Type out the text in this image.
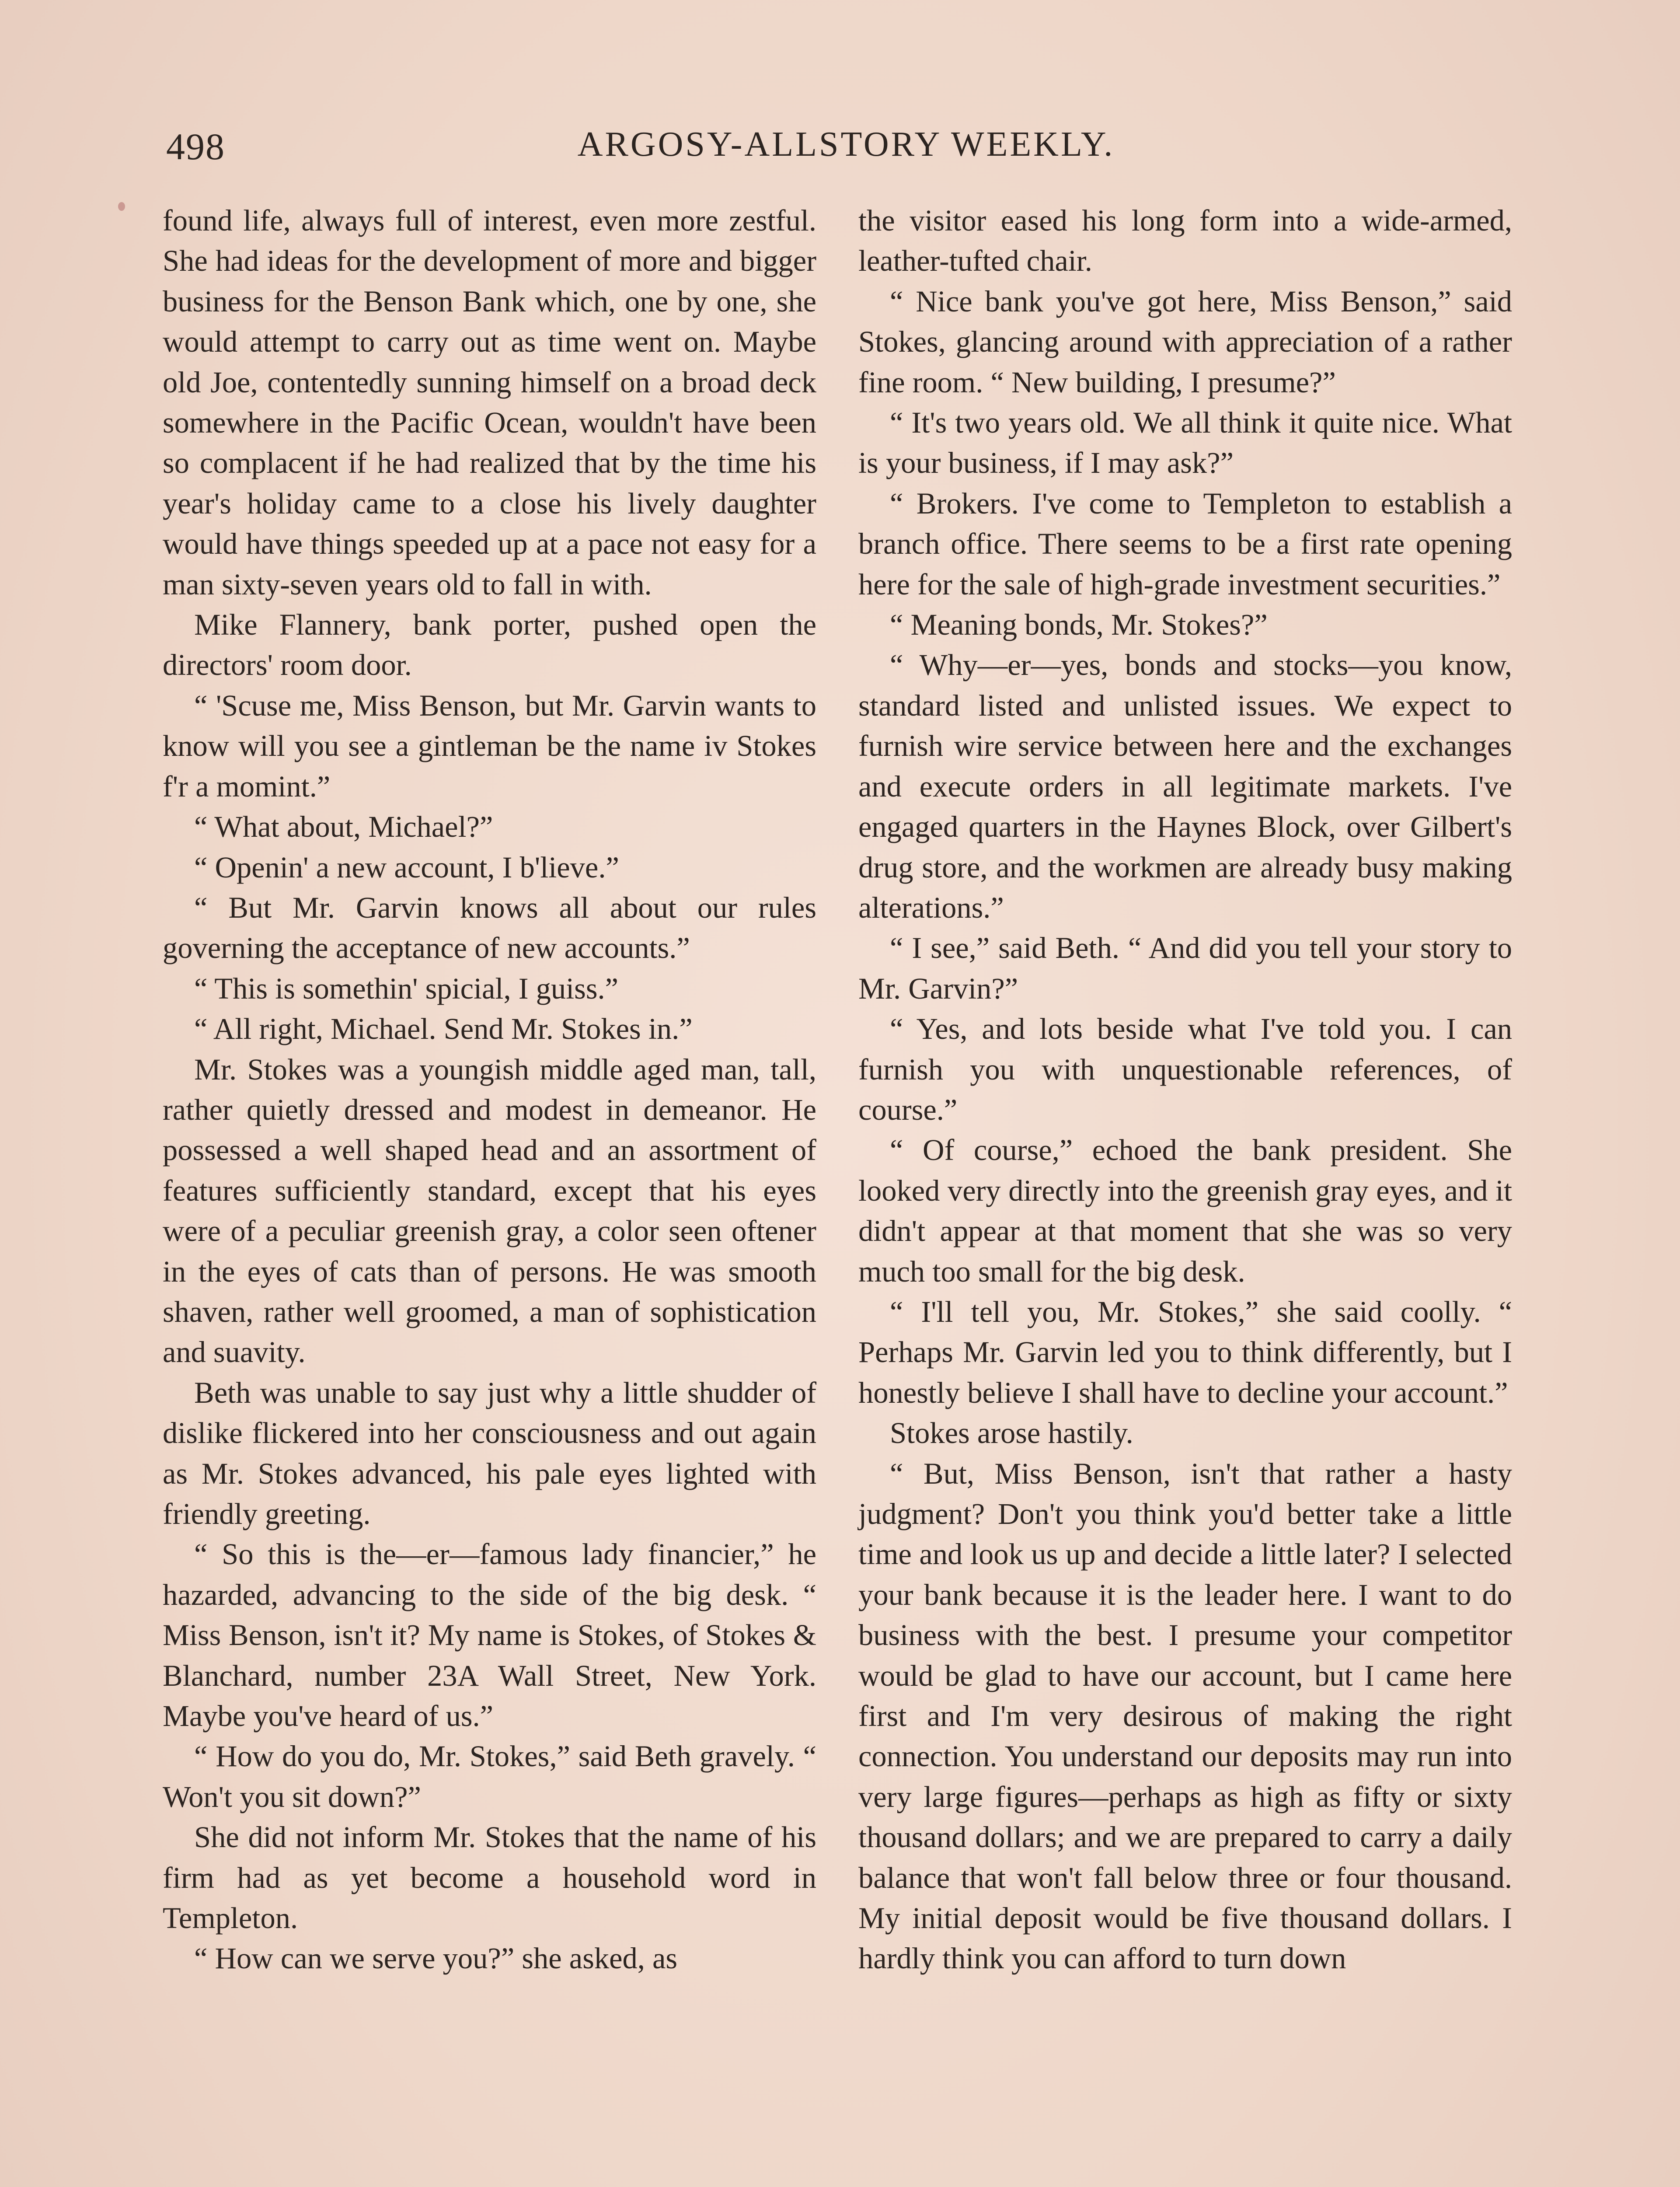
498	ARGOSY-ALLSTORY WEEKLY.

found life, always full of interest, even more zestful. She had ideas for the development of more and bigger business for the Benson Bank which, one by one, she would attempt to carry out as time went on. Maybe old Joe, contentedly sunning himself on a broad deck somewhere in the Pacific Ocean, wouldn't have been so complacent if he had realized that by the time his year's holiday came to a close his lively daughter would have things speeded up at a pace not easy for a man sixty-seven years old to fall in with.

Mike Flannery, bank porter, pushed open the directors' room door.

“ 'Scuse me, Miss Benson, but Mr. Garvin wants to know will you see a gintleman be the name iv Stokes f'r a momint.”

“ What about, Michael?”

“ Openin' a new account, I b'lieve.”

“ But Mr. Garvin knows all about our rules governing the acceptance of new accounts.”

“ This is somethin' spicial, I guiss.”

“ All right, Michael. Send Mr. Stokes in.”

Mr. Stokes was a youngish middle aged man, tall, rather quietly dressed and modest in demeanor. He possessed a well shaped head and an assortment of features sufficiently standard, except that his eyes were of a peculiar greenish gray, a color seen oftener in the eyes of cats than of persons. He was smooth shaven, rather well groomed, a man of sophistication and suavity.

Beth was unable to say just why a little shudder of dislike flickered into her consciousness and out again as Mr. Stokes advanced, his pale eyes lighted with friendly greeting.

“ So this is the—er—famous lady financier,” he hazarded, advancing to the side of the big desk. “ Miss Benson, isn't it? My name is Stokes, of Stokes & Blanchard, number 23A Wall Street, New York. Maybe you've heard of us.”

“ How do you do, Mr. Stokes,” said Beth gravely. “ Won't you sit down?”

She did not inform Mr. Stokes that the name of his firm had as yet become a household word in Templeton.

“ How can we serve you?” she asked, as

the visitor eased his long form into a wide-armed, leather-tufted chair.

“ Nice bank you've got here, Miss Benson,” said Stokes, glancing around with appreciation of a rather fine room. “ New building, I presume?”

“ It's two years old. We all think it quite nice. What is your business, if I may ask?”

“ Brokers. I've come to Templeton to establish a branch office. There seems to be a first rate opening here for the sale of high-grade investment securities.”

“ Meaning bonds, Mr. Stokes?”

“ Why—er—yes, bonds and stocks—you know, standard listed and unlisted issues. We expect to furnish wire service between here and the exchanges and execute orders in all legitimate markets. I've engaged quarters in the Haynes Block, over Gilbert's drug store, and the workmen are already busy making alterations.”

“ I see,” said Beth. “ And did you tell your story to Mr. Garvin?”

“ Yes, and lots beside what I've told you. I can furnish you with unquestionable references, of course.”

“ Of course,” echoed the bank president. She looked very directly into the greenish gray eyes, and it didn't appear at that moment that she was so very much too small for the big desk.

“ I'll tell you, Mr. Stokes,” she said coolly. “ Perhaps Mr. Garvin led you to think differently, but I honestly believe I shall have to decline your account.”

Stokes arose hastily.

“ But, Miss Benson, isn't that rather a hasty judgment? Don't you think you'd better take a little time and look us up and decide a little later? I selected your bank because it is the leader here. I want to do business with the best. I presume your competitor would be glad to have our account, but I came here first and I'm very desirous of making the right connection. You understand our deposits may run into very large figures—perhaps as high as fifty or sixty thousand dollars; and we are prepared to carry a daily balance that won't fall below three or four thousand. My initial deposit would be five thousand dollars. I hardly think you can afford to turn down
